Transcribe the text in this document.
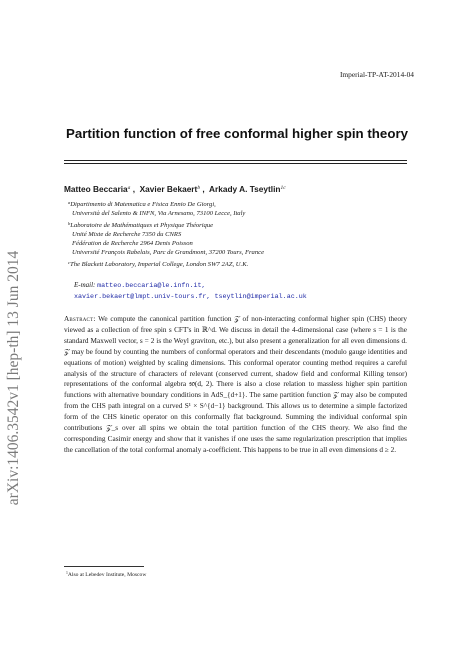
Imperial-TP-AT-2014-04
arXiv:1406.3542v1 [hep-th] 13 Jun 2014
Partition function of free conformal higher spin theory
Matteo Beccaria$^a$ ,  Xavier Bekaert$^b$ ,  Arkady A. Tseytlin$^{1c}$
$^a$Dipartimento di Matematica e Fisica Ennio De Giorgi,
Università del Salento & INFN, Via Arnesano, 73100 Lecce, Italy
$^b$Laboratoire de Mathématiques et Physique Théorique
Unité Mixte de Recherche 7350 du CNRS
Fédération de Recherche 2964 Denis Poisson
Université François Rabelais, Parc de Grandmont, 37200 Tours, France
$^c$The Blackett Laboratory, Imperial College, London SW7 2AZ, U.K.
E-mail: matteo.beccaria@le.infn.it,
xavier.bekaert@lmpt.univ-tours.fr, tseytlin@imperial.ac.uk
Abstract: We compute the canonical partition function 𝒵 of non-interacting conformal higher spin (CHS) theory viewed as a collection of free spin s CFT's in ℝ^d. We discuss in detail the 4-dimensional case (where s = 1 is the standard Maxwell vector, s = 2 is the Weyl graviton, etc.), but also present a generalization for all even dimensions d. 𝒵 may be found by counting the numbers of conformal operators and their descendants (modulo gauge identities and equations of motion) weighted by scaling dimensions. This conformal operator counting method requires a careful analysis of the structure of characters of relevant (conserved current, shadow field and conformal Killing tensor) representations of the conformal algebra 𝔰𝔬(d, 2). There is also a close relation to massless higher spin partition functions with alternative boundary conditions in AdS_{d+1}. The same partition function 𝒵 may also be computed from the CHS path integral on a curved S¹ × S^{d−1} background. This allows us to determine a simple factorized form of the CHS kinetic operator on this conformally flat background. Summing the individual conformal spin contributions 𝒵_s over all spins we obtain the total partition function of the CHS theory. We also find the corresponding Casimir energy and show that it vanishes if one uses the same regularization prescription that implies the cancellation of the total conformal anomaly a-coefficient. This happens to be true in all even dimensions d ≥ 2.
$^1$Also at Lebedev Institute, Moscow
